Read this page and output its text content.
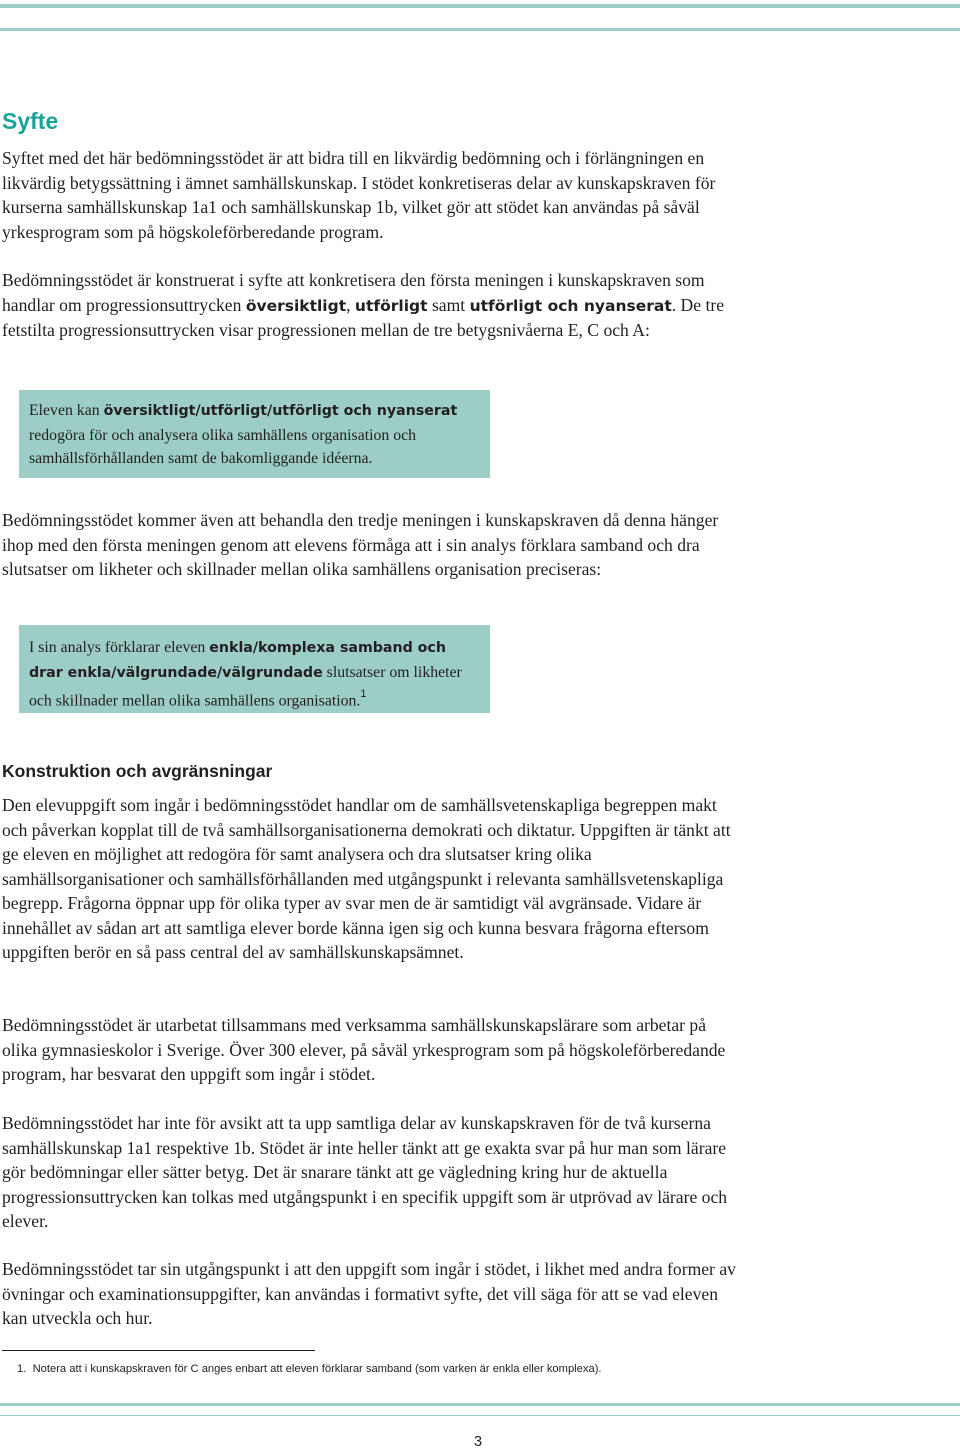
Syfte

Syftet med det här bedömningsstödet är att bidra till en likvärdig bedömning och i förlängningen en likvärdig betygssättning i ämnet samhällskunskap. I stödet konkretiseras delar av kunskapskraven för kurserna samhällskunskap 1a1 och samhällskunskap 1b, vilket gör att stödet kan användas på såväl yrkesprogram som på högskoleförberedande program.

Bedömningsstödet är konstruerat i syfte att konkretisera den första meningen i kunskapskraven som handlar om progressionsuttrycken översiktligt, utförligt samt utförligt och nyanserat. De tre fetstilta progressionsuttrycken visar progressionen mellan de tre betygsnivåerna E, C och A:

Eleven kan översiktligt/utförligt/utförligt och nyanserat redogöra för och analysera olika samhällens organisation och samhällsförhållanden samt de bakomliggande idéerna.

Bedömningsstödet kommer även att behandla den tredje meningen i kunskapskraven då denna hänger ihop med den första meningen genom att elevens förmåga att i sin analys förklara samband och dra slutsatser om likheter och skillnader mellan olika samhällens organisation preciseras:

I sin analys förklarar eleven enkla/komplexa samband och drar enkla/välgrundade/välgrundade slutsatser om likheter och skillnader mellan olika samhällens organisation.$^1$

Konstruktion och avgränsningar

Den elevuppgift som ingår i bedömningsstödet handlar om de samhällsvetenskapliga begreppen makt och påverkan kopplat till de två samhällsorganisationerna demokrati och diktatur. Uppgiften är tänkt att ge eleven en möjlighet att redogöra för samt analysera och dra slutsatser kring olika samhällsorganisationer och samhällsförhållanden med utgångspunkt i relevanta samhällsvetenskapliga begrepp. Frågorna öppnar upp för olika typer av svar men de är samtidigt väl avgränsade. Vidare är innehållet av sådan art att samtliga elever borde känna igen sig och kunna besvara frågorna eftersom uppgiften berör en så pass central del av samhällskunskapsämnet.

Bedömningsstödet är utarbetat tillsammans med verksamma samhällskunskapslärare som arbetar på olika gymnasieskolor i Sverige. Över 300 elever, på såväl yrkesprogram som på högskoleförberedande program, har besvarat den uppgift som ingår i stödet.

Bedömningsstödet har inte för avsikt att ta upp samtliga delar av kunskapskraven för de två kurserna samhällskunskap 1a1 respektive 1b. Stödet är inte heller tänkt att ge exakta svar på hur man som lärare gör bedömningar eller sätter betyg. Det är snarare tänkt att ge vägledning kring hur de aktuella progressionsuttrycken kan tolkas med utgångspunkt i en specifik uppgift som är utprövad av lärare och elever.

Bedömningsstödet tar sin utgångspunkt i att den uppgift som ingår i stödet, i likhet med andra former av övningar och examinationsuppgifter, kan användas i formativt syfte, det vill säga för att se vad eleven kan utveckla och hur.

1. Notera att i kunskapskraven för C anges enbart att eleven förklarar samband (som varken är enkla eller komplexa).

3
